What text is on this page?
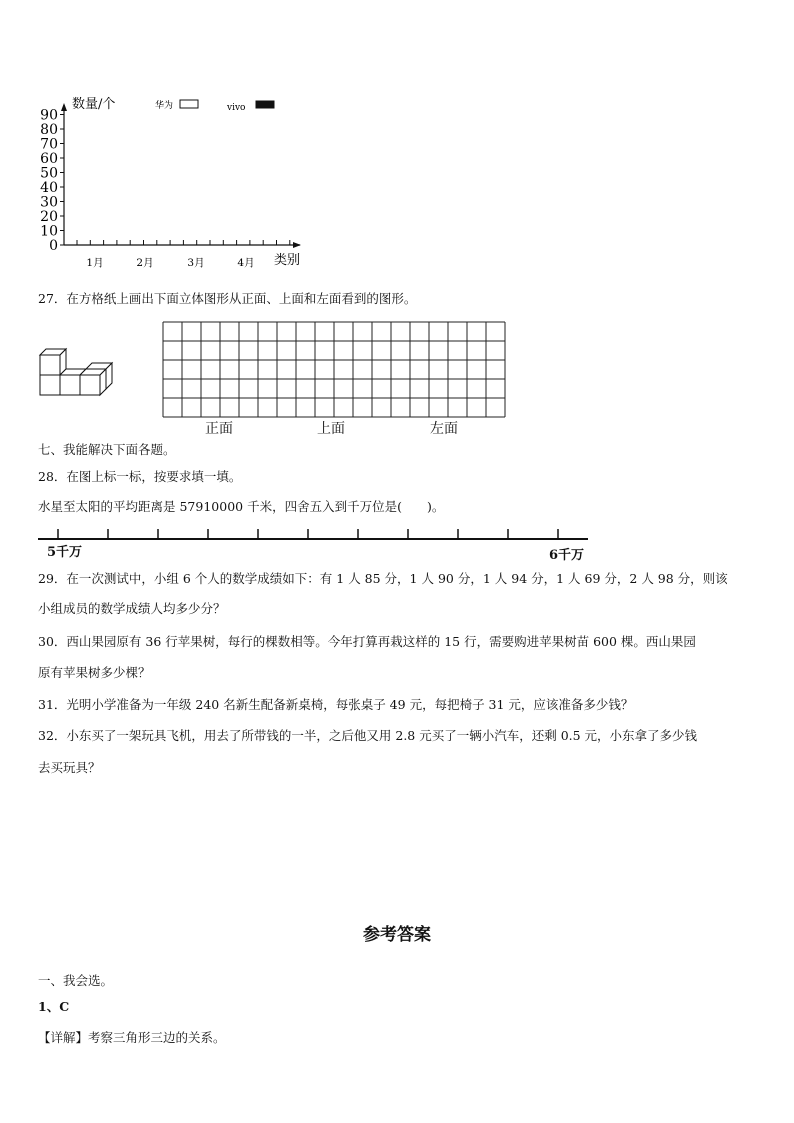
0
10
20
30
40
50
60
70
80
90
1月	2月	3月	4月
数量/个
类别
华为	vivo
27．在方格纸上画出下面立体图形从正面、上面和左面看到的图形。
正面	上面	左面
七、我能解决下面各题。
28．在图上标一标，按要求填一填。
水星至太阳的平均距离是 57910000 千米，四舍五入到千万位是(　　)。
5千万	6千万
29．在一次测试中，小组 6 个人的数学成绩如下：有 1 人 85 分，1 人 90 分，1 人 94 分，1 人 69 分，2 人 98 分，则该
小组成员的数学成绩人均多少分？
30．西山果园原有 36 行苹果树，每行的棵数相等。今年打算再栽这样的 15 行，需要购进苹果树苗 600 棵。西山果园
原有苹果树多少棵？
31．光明小学准备为一年级 240 名新生配备新桌椅，每张桌子 49 元，每把椅子 31 元，应该准备多少钱？
32．小东买了一架玩具飞机，用去了所带钱的一半，之后他又用 2.8 元买了一辆小汽车，还剩 0.5 元，小东拿了多少钱
去买玩具？
参考答案
一、我会选。
1、C
【详解】考察三角形三边的关系。
